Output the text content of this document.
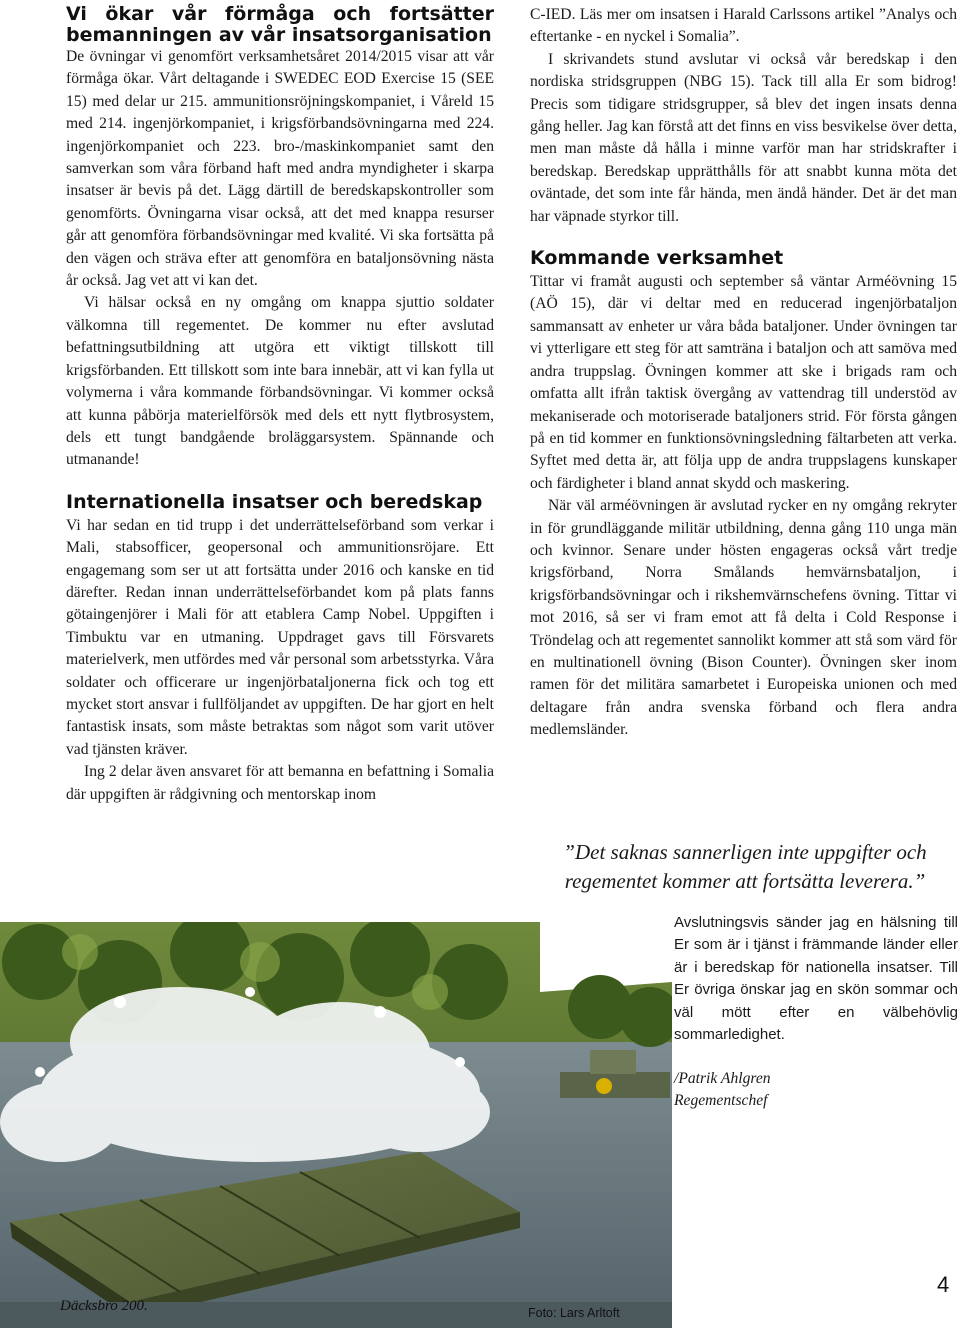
Vi ökar vår förmåga och fortsätter
bemanningen av vår insatsorganisation

De övningar vi genomfört verksamhetsåret 2014/2015 visar att vår förmåga ökar. Vårt deltagande i SWEDEC EOD Exercise 15 (SEE 15) med delar ur 215. ammunitionsröjningskompaniet, i Våreld 15 med 214. ingenjörkompaniet, i krigsförbandsövningarna med 224. ingenjörkompaniet och 223. bro-/maskinkompaniet samt den samverkan som våra förband haft med andra myndigheter i skarpa insatser är bevis på det. Lägg därtill de beredskapskontroller som genomförts. Övningarna visar också, att det med knappa resurser går att genomföra förbandsövningar med kvalité. Vi ska fortsätta på den vägen och sträva efter att genomföra en bataljonsövning nästa år också. Jag vet att vi kan det.

Vi hälsar också en ny omgång om knappa sjuttio soldater välkomna till regementet. De kommer nu efter avslutad befattningsutbildning att utgöra ett viktigt tillskott till krigsförbanden. Ett tillskott som inte bara innebär, att vi kan fylla ut volymerna i våra kommande förbandsövningar. Vi kommer också att kunna påbörja materielförsök med dels ett nytt flytbrosystem, dels ett tungt bandgående broläggarsystem. Spännande och utmanande!

Internationella insatser och beredskap

Vi har sedan en tid trupp i det underrättelseförband som verkar i Mali, stabsofficer, geopersonal och ammunitionsröjare. Ett engagemang som ser ut att fortsätta under 2016 och kanske en tid därefter. Redan innan underrättelseförbandet kom på plats fanns götaingenjörer i Mali för att etablera Camp Nobel. Uppgiften i Timbuktu var en utmaning. Uppdraget gavs till Försvarets materielverk, men utfördes med vår personal som arbetsstyrka. Våra soldater och officerare ur ingenjörbataljonerna fick och tog ett mycket stort ansvar i fullföljandet av uppgiften. De har gjort en helt fantastisk insats, som måste betraktas som något som varit utöver vad tjänsten kräver.

Ing 2 delar även ansvaret för att bemanna en befattning i Somalia där uppgiften är rådgivning och mentorskap inom

C-IED. Läs mer om insatsen i Harald Carlssons artikel ”Analys och eftertanke - en nyckel i Somalia”.

I skrivandets stund avslutar vi också vår beredskap i den nordiska stridsgruppen (NBG 15). Tack till alla Er som bidrog! Precis som tidigare stridsgrupper, så blev det ingen insats denna gång heller. Jag kan förstå att det finns en viss besvikelse över detta, men man måste då hålla i minne varför man har stridskrafter i beredskap. Beredskap upprätthålls för att snabbt kunna möta det oväntade, det som inte får hända, men ändå händer. Det är det man har väpnade styrkor till.

Kommande verksamhet

Tittar vi framåt augusti och september så väntar Arméövning 15 (AÖ 15), där vi deltar med en reducerad ingenjörbataljon sammansatt av enheter ur våra båda bataljoner. Under övningen tar vi ytterligare ett steg för att samträna i bataljon och att samöva med andra truppslag. Övningen kommer att ske i brigads ram och omfatta allt ifrån taktisk övergång av vattendrag till understöd av mekaniserade och motoriserade bataljoners strid. För första gången på en tid kommer en funktionsövningsledning fältarbeten att verka. Syftet med detta är, att följa upp de andra truppslagens kunskaper och färdigheter i bland annat skydd och maskering.

När väl arméövningen är avslutad rycker en ny omgång rekryter in för grundläggande militär utbildning, denna gång 110 unga män och kvinnor. Senare under hösten engageras också vårt tredje krigsförband, Norra Smålands hemvärnsbataljon, i krigsförbandsövningar och i rikshemvärnschefens övning. Tittar vi mot 2016, så ser vi fram emot att få delta i Cold Response i Tröndelag och att regementet sannolikt kommer att stå som värd för en multinationell övning (Bison Counter). Övningen sker inom ramen för det militära samarbetet i Europeiska unionen och med deltagare från andra svenska förband och flera andra medlemsländer.

”Det saknas sannerligen inte uppgifter och regementet kommer att fortsätta leverera.”

Avslutningsvis sänder jag en hälsning till Er som är i tjänst i främmande länder eller är i beredskap för nationella insatser. Till Er övriga önskar jag en skön sommar och väl mött efter en välbehövlig sommarledighet.

/Patrik Ahlgren
Regementschef
Däcksbro 200.	Foto: Lars Arltoft
4
